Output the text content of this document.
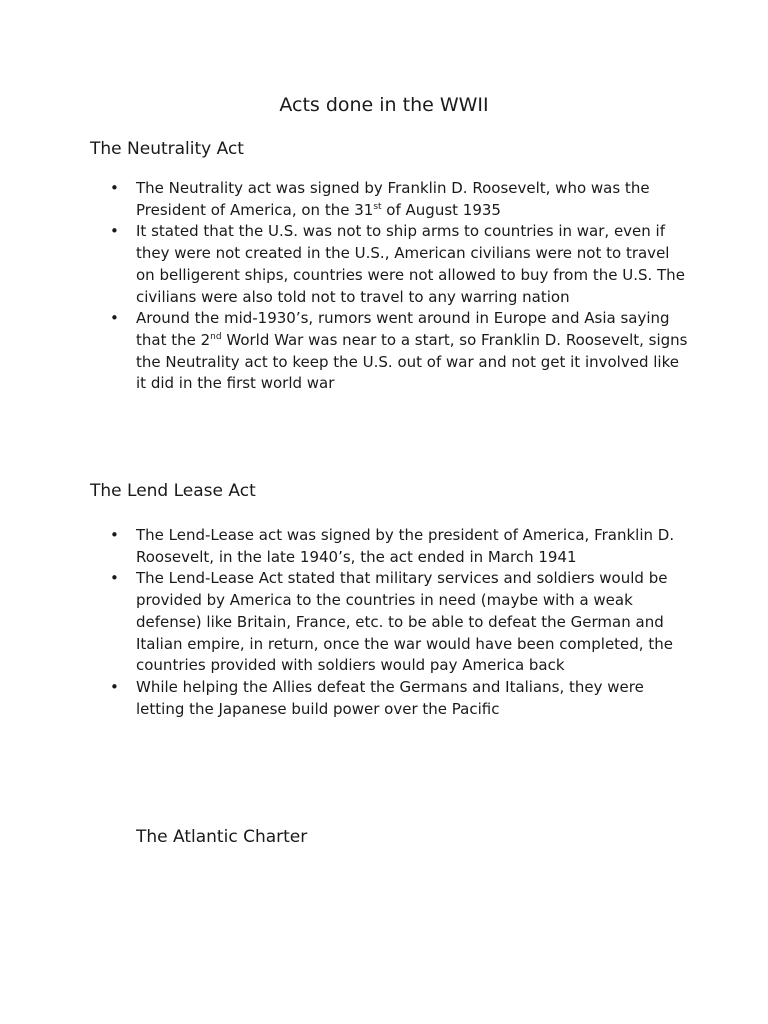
Acts done in the WWII
The Neutrality Act
•	The Neutrality act was signed by Franklin D. Roosevelt, who was the President of America, on the 31st of August 1935
•	It stated that the U.S. was not to ship arms to countries in war, even if they were not created in the U.S., American civilians were not to travel on belligerent ships, countries were not allowed to buy from the U.S. The civilians were also told not to travel to any warring nation
•	Around the mid-1930’s, rumors went around in Europe and Asia saying that the 2nd World War was near to a start, so Franklin D. Roosevelt, signs the Neutrality act to keep the U.S. out of war and not get it involved like it did in the first world war
The Lend Lease Act
•	The Lend-Lease act was signed by the president of America, Franklin D. Roosevelt, in the late 1940’s, the act ended in March 1941
•	The Lend-Lease Act stated that military services and soldiers would be provided by America to the countries in need (maybe with a weak defense) like Britain, France, etc. to be able to defeat the German and Italian empire, in return, once the war would have been completed, the countries provided with soldiers would pay America back
•	While helping the Allies defeat the Germans and Italians, they were letting the Japanese build power over the Pacific
The Atlantic Charter
